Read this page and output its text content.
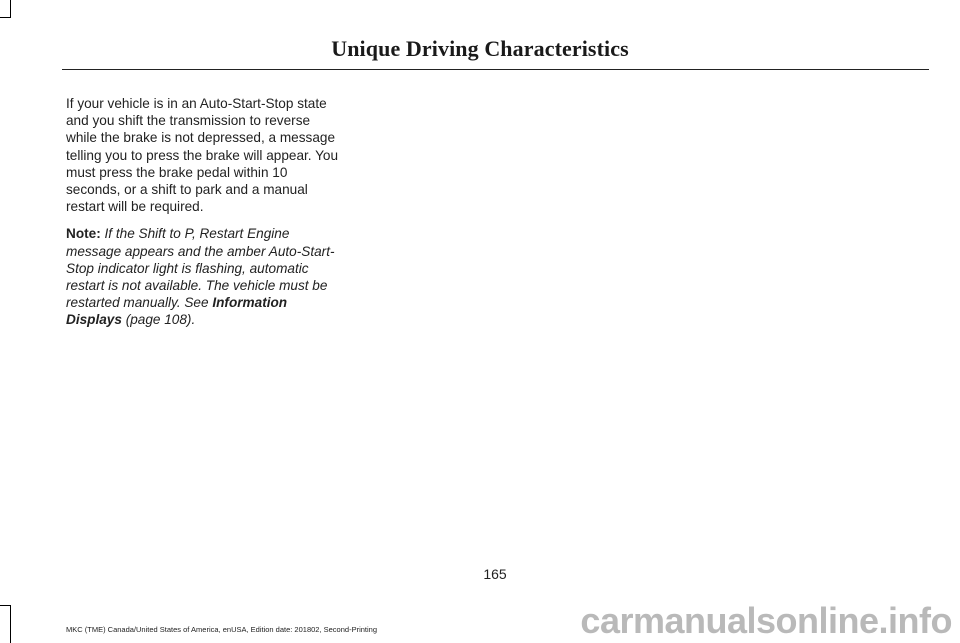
Unique Driving Characteristics

If your vehicle is in an Auto-Start-Stop state and you shift the transmission to reverse while the brake is not depressed, a message telling you to press the brake will appear. You must press the brake pedal within 10 seconds, or a shift to park and a manual restart will be required.

Note: If the Shift to P, Restart Engine message appears and the amber Auto-Start-Stop indicator light is flashing, automatic restart is not available. The vehicle must be restarted manually. See Information Displays (page 108).

165
MKC (TME) Canada/United States of America, enUSA, Edition date: 201802, Second-Printing	carmanualsonline.info
